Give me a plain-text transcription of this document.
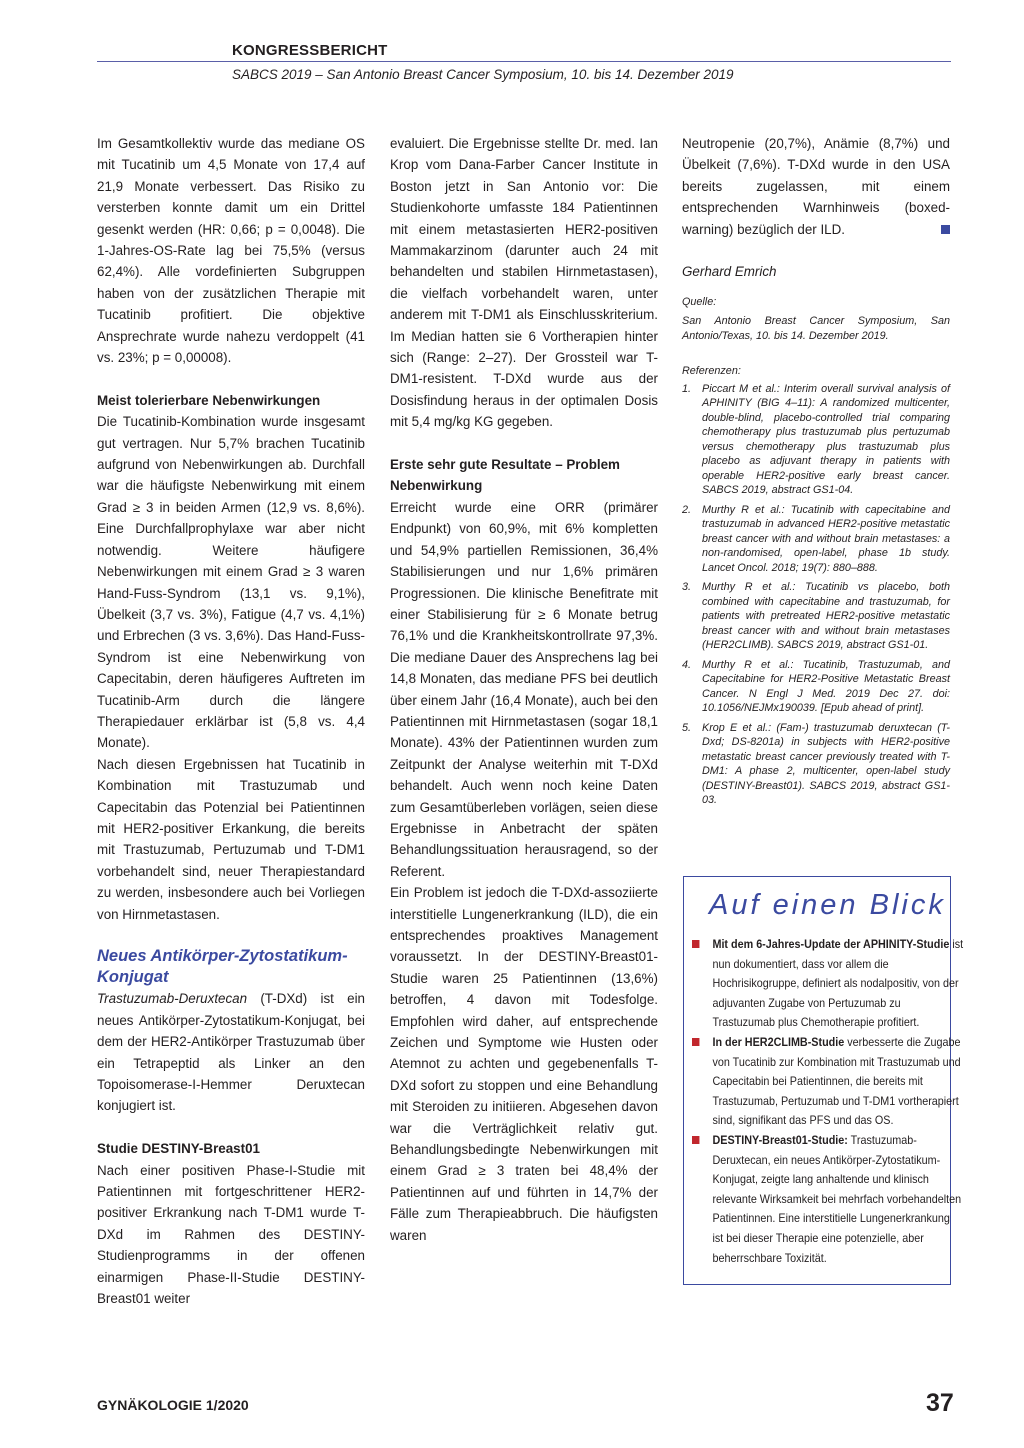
KONGRESSBERICHT
SABCS 2019 – San Antonio Breast Cancer Symposium, 10. bis 14. Dezember 2019

Im Gesamtkollektiv wurde das mediane OS mit Tucatinib um 4,5 Monate von 17,4 auf 21,9 Monate verbessert. Das Risiko zu versterben konnte damit um ein Drittel gesenkt werden (HR: 0,66; p = 0,0048). Die 1-Jahres-OS-Rate lag bei 75,5% (versus 62,4%). Alle vordefinierten Subgruppen haben von der zusätzlichen Therapie mit Tucatinib profitiert. Die objektive Ansprechrate wurde nahezu verdoppelt (41 vs. 23%; p = 0,00008).

Meist tolerierbare Nebenwirkungen

Die Tucatinib-Kombination wurde insgesamt gut vertragen. Nur 5,7% brachen Tucatinib aufgrund von Nebenwirkungen ab. Durchfall war die häufigste Nebenwirkung mit einem Grad ≥ 3 in beiden Armen (12,9 vs. 8,6%). Eine Durchfallprophylaxe war aber nicht notwendig. Weitere häufigere Nebenwirkungen mit einem Grad ≥ 3 waren Hand-Fuss-Syndrom (13,1 vs. 9,1%), Übelkeit (3,7 vs. 3%), Fatigue (4,7 vs. 4,1%) und Erbrechen (3 vs. 3,6%). Das Hand-Fuss-Syndrom ist eine Nebenwirkung von Capecitabin, deren häufigeres Auftreten im Tucatinib-Arm durch die längere Therapiedauer erklärbar ist (5,8 vs. 4,4 Monate).

Nach diesen Ergebnissen hat Tucatinib in Kombination mit Trastuzumab und Capecitabin das Potenzial bei Patientinnen mit HER2-positiver Erkankung, die bereits mit Trastuzumab, Pertuzumab und T-DM1 vorbehandelt sind, neuer Therapiestandard zu werden, insbesondere auch bei Vorliegen von Hirnmetastasen.

Neues Antikörper-Zytostatikum-Konjugat

Trastuzumab-Deruxtecan (T-DXd) ist ein neues Antikörper-Zytostatikum-Konjugat, bei dem der HER2-Antikörper Trastuzumab über ein Tetrapeptid als Linker an den Topoisomerase-I-Hemmer Deruxtecan konjugiert ist.

Studie DESTINY-Breast01

Nach einer positiven Phase-I-Studie mit Patientinnen mit fortgeschrittener HER2-positiver Erkrankung nach T-DM1 wurde T-DXd im Rahmen des DESTINY-Studienprogramms in der offenen einarmigen Phase-II-Studie DESTINY-Breast01 weiter

evaluiert. Die Ergebnisse stellte Dr. med. Ian Krop vom Dana-Farber Cancer Institute in Boston jetzt in San Antonio vor: Die Studienkohorte umfasste 184 Patientinnen mit einem metastasierten HER2-positiven Mammakarzinom (darunter auch 24 mit behandelten und stabilen Hirnmetastasen), die vielfach vorbehandelt waren, unter anderem mit T-DM1 als Einschlusskriterium. Im Median hatten sie 6 Vortherapien hinter sich (Range: 2–27). Der Grossteil war T-DM1-resistent. T-DXd wurde aus der Dosisfindung heraus in der optimalen Dosis mit 5,4 mg/kg KG gegeben.

Erste sehr gute Resultate – Problem Nebenwirkung

Erreicht wurde eine ORR (primärer Endpunkt) von 60,9%, mit 6% kompletten und 54,9% partiellen Remissionen, 36,4% Stabilisierungen und nur 1,6% primären Progressionen. Die klinische Benefitrate mit einer Stabilisierung für ≥ 6 Monate betrug 76,1% und die Krankheitskontrollrate 97,3%. Die mediane Dauer des Ansprechens lag bei 14,8 Monaten, das mediane PFS bei deutlich über einem Jahr (16,4 Monate), auch bei den Patientinnen mit Hirnmetastasen (sogar 18,1 Monate). 43% der Patientinnen wurden zum Zeitpunkt der Analyse weiterhin mit T-DXd behandelt. Auch wenn noch keine Daten zum Gesamtüberleben vorlägen, seien diese Ergebnisse in Anbetracht der späten Behandlungssituation herausragend, so der Referent.

Ein Problem ist jedoch die T-DXd-assoziierte interstitielle Lungenerkrankung (ILD), die ein entsprechendes proaktives Management voraussetzt. In der DESTINY-Breast01-Studie waren 25 Patientinnen (13,6%) betroffen, 4 davon mit Todesfolge. Empfohlen wird daher, auf entsprechende Zeichen und Symptome wie Husten oder Atemnot zu achten und gegebenenfalls T-DXd sofort zu stoppen und eine Behandlung mit Steroiden zu initiieren. Abgesehen davon war die Verträglichkeit relativ gut. Behandlungsbedingte Nebenwirkungen mit einem Grad ≥ 3 traten bei 48,4% der Patientinnen auf und führten in 14,7% der Fälle zum Therapieabbruch. Die häufigsten waren

Neutropenie (20,7%), Anämie (8,7%) und Übelkeit (7,6%). T-DXd wurde in den USA bereits zugelassen, mit einem entsprechenden Warnhinweis (boxed-warning) bezüglich der ILD.

Gerhard Emrich

Quelle:

San Antonio Breast Cancer Symposium, San Antonio/Texas, 10. bis 14. Dezember 2019.

Referenzen:

1. Piccart M et al.: Interim overall survival analysis of APHINITY (BIG 4–11): A randomized multicenter, double-blind, placebo-controlled trial comparing chemotherapy plus trastuzumab plus pertuzumab versus chemotherapy plus trastuzumab plus placebo as adjuvant therapy in patients with operable HER2-positive early breast cancer. SABCS 2019, abstract GS1-04.
2. Murthy R et al.: Tucatinib with capecitabine and trastuzumab in advanced HER2-positive metastatic breast cancer with and without brain metastases: a non-randomised, open-label, phase 1b study. Lancet Oncol. 2018; 19(7): 880–888.
3. Murthy R et al.: Tucatinib vs placebo, both combined with capecitabine and trastuzumab, for patients with pretreated HER2-positive metastatic breast cancer with and without brain metastases (HER2CLIMB). SABCS 2019, abstract GS1-01.
4. Murthy R et al.: Tucatinib, Trastuzumab, and Capecitabine for HER2-Positive Metastatic Breast Cancer. N Engl J Med. 2019 Dec 27. doi: 10.1056/NEJMx190039. [Epub ahead of print].
5. Krop E et al.: (Fam-) trastuzumab deruxtecan (T-Dxd; DS-8201a) in subjects with HER2-positive metastatic breast cancer previously treated with T-DM1: A phase 2, multicenter, open-label study (DESTINY-Breast01). SABCS 2019, abstract GS1-03.
Auf einen Blick
Mit dem 6-Jahres-Update der APHINITY-Studie ist nun dokumentiert, dass vor allem die Hochrisikogruppe, definiert als nodalpositiv, von der adjuvanten Zugabe von Pertuzumab zu Trastuzumab plus Chemotherapie profitiert.
In der HER2CLIMB-Studie verbesserte die Zugabe von Tucatinib zur Kombination mit Trastuzumab und Capecitabin bei Patientinnen, die bereits mit Trastuzumab, Pertuzumab und T-DM1 vortherapiert sind, signifikant das PFS und das OS.
DESTINY-Breast01-Studie: Trastuzumab-Deruxtecan, ein neues Antikörper-Zytostatikum-Konjugat, zeigte lang anhaltende und klinisch relevante Wirksamkeit bei mehrfach vorbehandelten Patientinnen. Eine interstitielle Lungenerkrankung ist bei dieser Therapie eine potenzielle, aber beherrschbare Toxizität.
GYNÄKOLOGIE 1/2020	37
